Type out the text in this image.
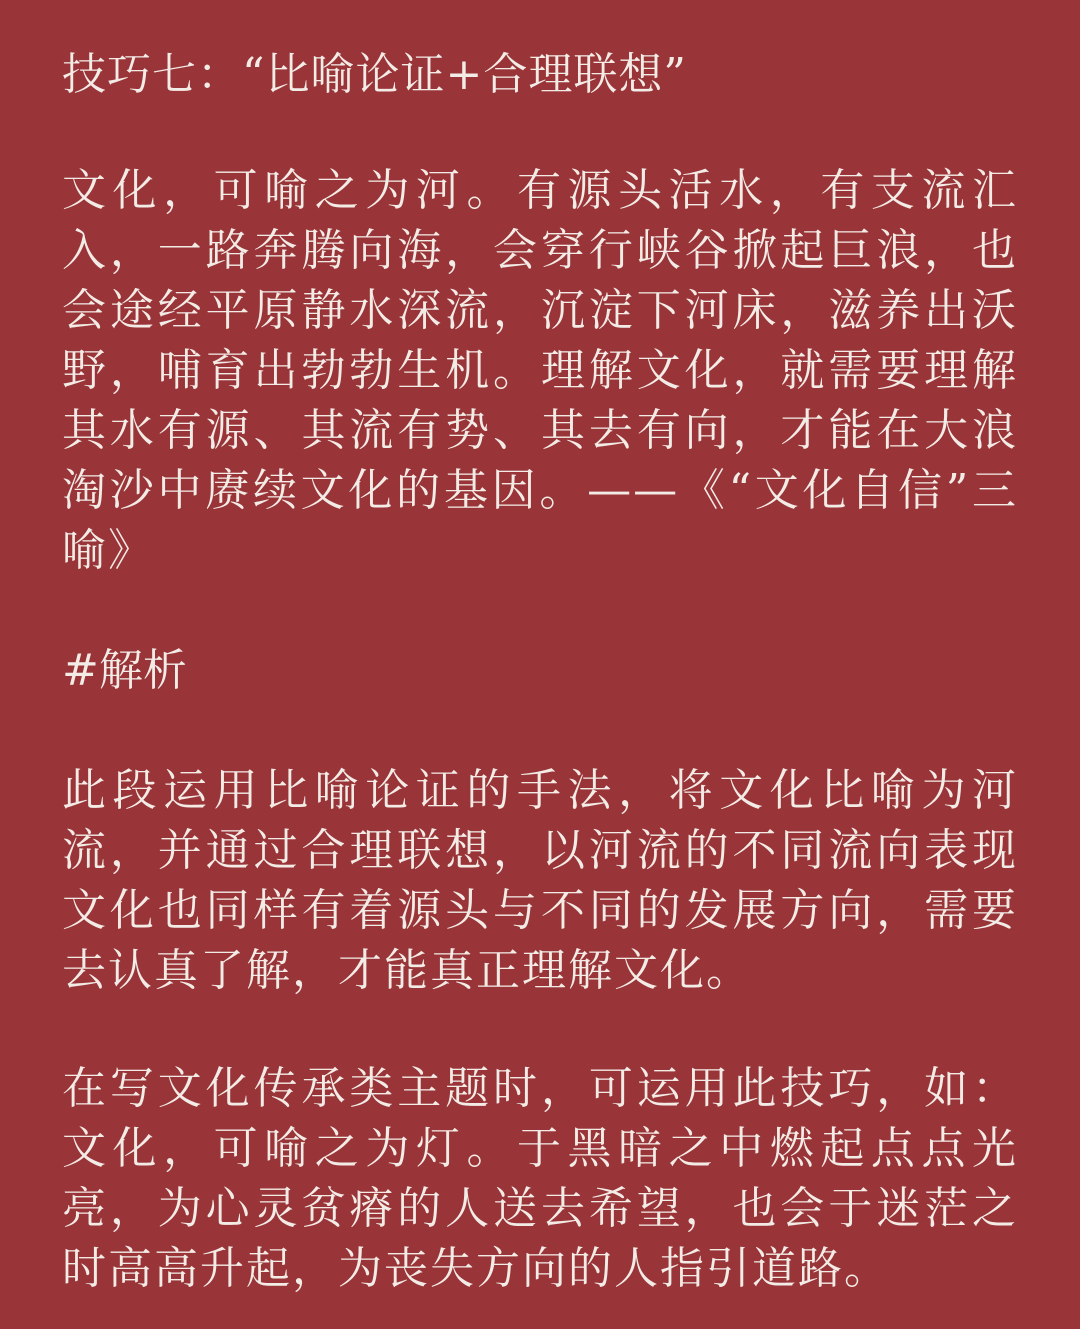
技巧七：“比喻论证+合理联想”

文化，可喻之为河。有源头活水，有支流汇入，一路奔腾向海，会穿行峡谷掀起巨浪，也会途经平原静水深流，沉淀下河床，滋养出沃野，哺育出勃勃生机。理解文化，就需要理解其水有源、其流有势、其去有向，才能在大浪淘沙中赓续文化的基因。——《“文化自信”三喻》

#解析

此段运用比喻论证的手法，将文化比喻为河流，并通过合理联想，以河流的不同流向表现文化也同样有着源头与不同的发展方向，需要去认真了解，才能真正理解文化。

在写文化传承类主题时，可运用此技巧，如：文化，可喻之为灯。于黑暗之中燃起点点光亮，为心灵贫瘠的人送去希望，也会于迷茫之时高高升起，为丧失方向的人指引道路。
